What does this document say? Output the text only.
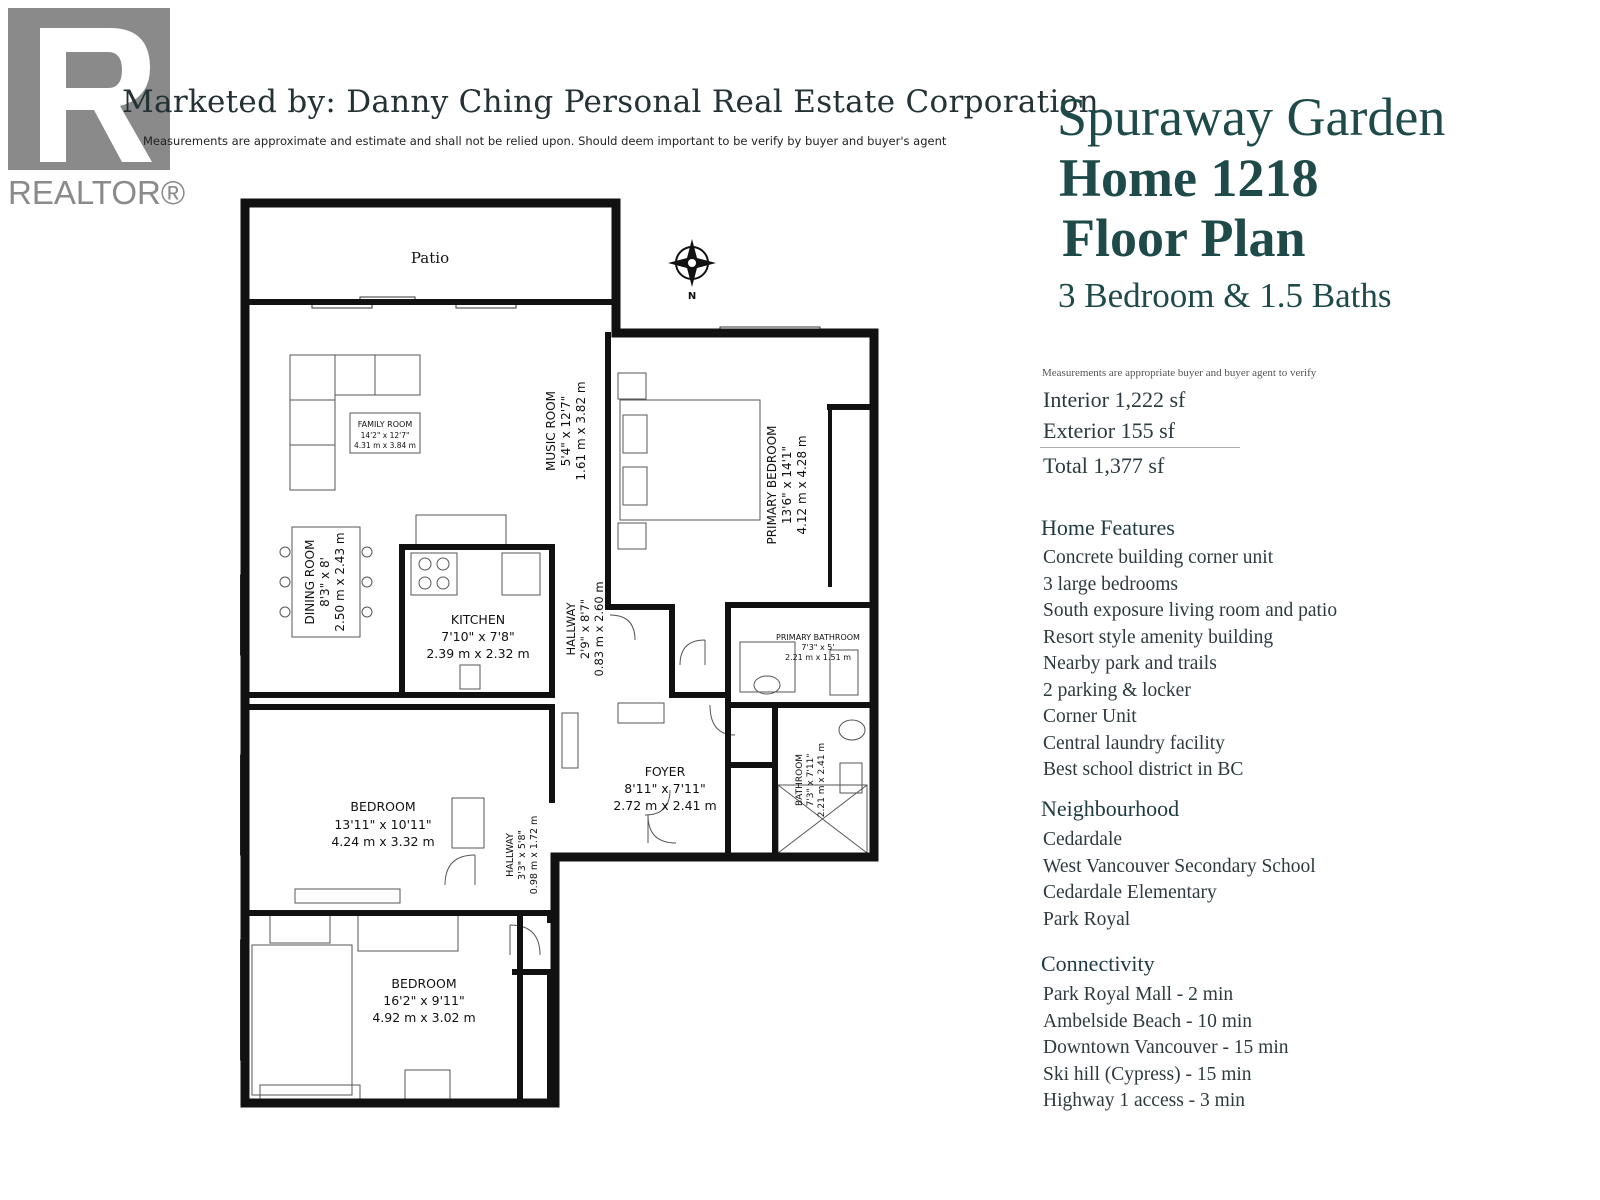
REALTOR®
Marketed by: Danny Ching Personal Real Estate Corporation
Measurements are approximate and estimate and shall not be relied upon. Should deem important to be verify by buyer and buyer's agent Spuraway Garden
Home 1218
Floor Plan
3 Bedroom & 1.5 Baths
Measurements are appropriate buyer and buyer agent to verify
Interior 1,222 sf
Exterior 155 sf
Total 1,377 sf
Home Features
Concrete building corner unit
3 large bedrooms
South exposure living room and patio
Resort style amenity building
Nearby park and trails
2 parking & locker
Corner Unit
Central laundry facility
Best school district in BC
Neighbourhood
Cedardale
West Vancouver Secondary School
Cedardale Elementary
Park Royal
Connectivity
Park Royal Mall - 2 min
Ambelside Beach - 10 min
Downtown Vancouver - 15 min
Ski hill (Cypress) - 15 min
Highway 1 access - 3 min
N
Patio
FAMILY ROOM
14'2" x 12'7"
4.31 m x 3.84 m	MUSIC ROOM 5'4" x 12'7" 1.61 m x 3.82 m	PRIMARY BEDROOM 13'6" x 14'1" 4.12 m x 4.28 m
DINING ROOM 8'3" x 8' 2.50 m x 2.43 m	KITCHEN
7'10" x 7'8"
2.39 m x 2.32 m	HALLWAY 2'9" x 8'7" 0.83 m x 2.60 m	PRIMARY BATHROOM
7'3" x 5'
2.21 m x 1.51 m
BATHROOM 7'3" x 7'11" 2.21 m x 2.41 m
FOYER
8'11" x 7'11"
2.72 m x 2.41 m
BEDROOM
13'11" x 10'11"
4.24 m x 3.32 m	HALLWAY 3'3" x 5'8" 0.98 m x 1.72 m
BEDROOM
16'2" x 9'11"
4.92 m x 3.02 m
